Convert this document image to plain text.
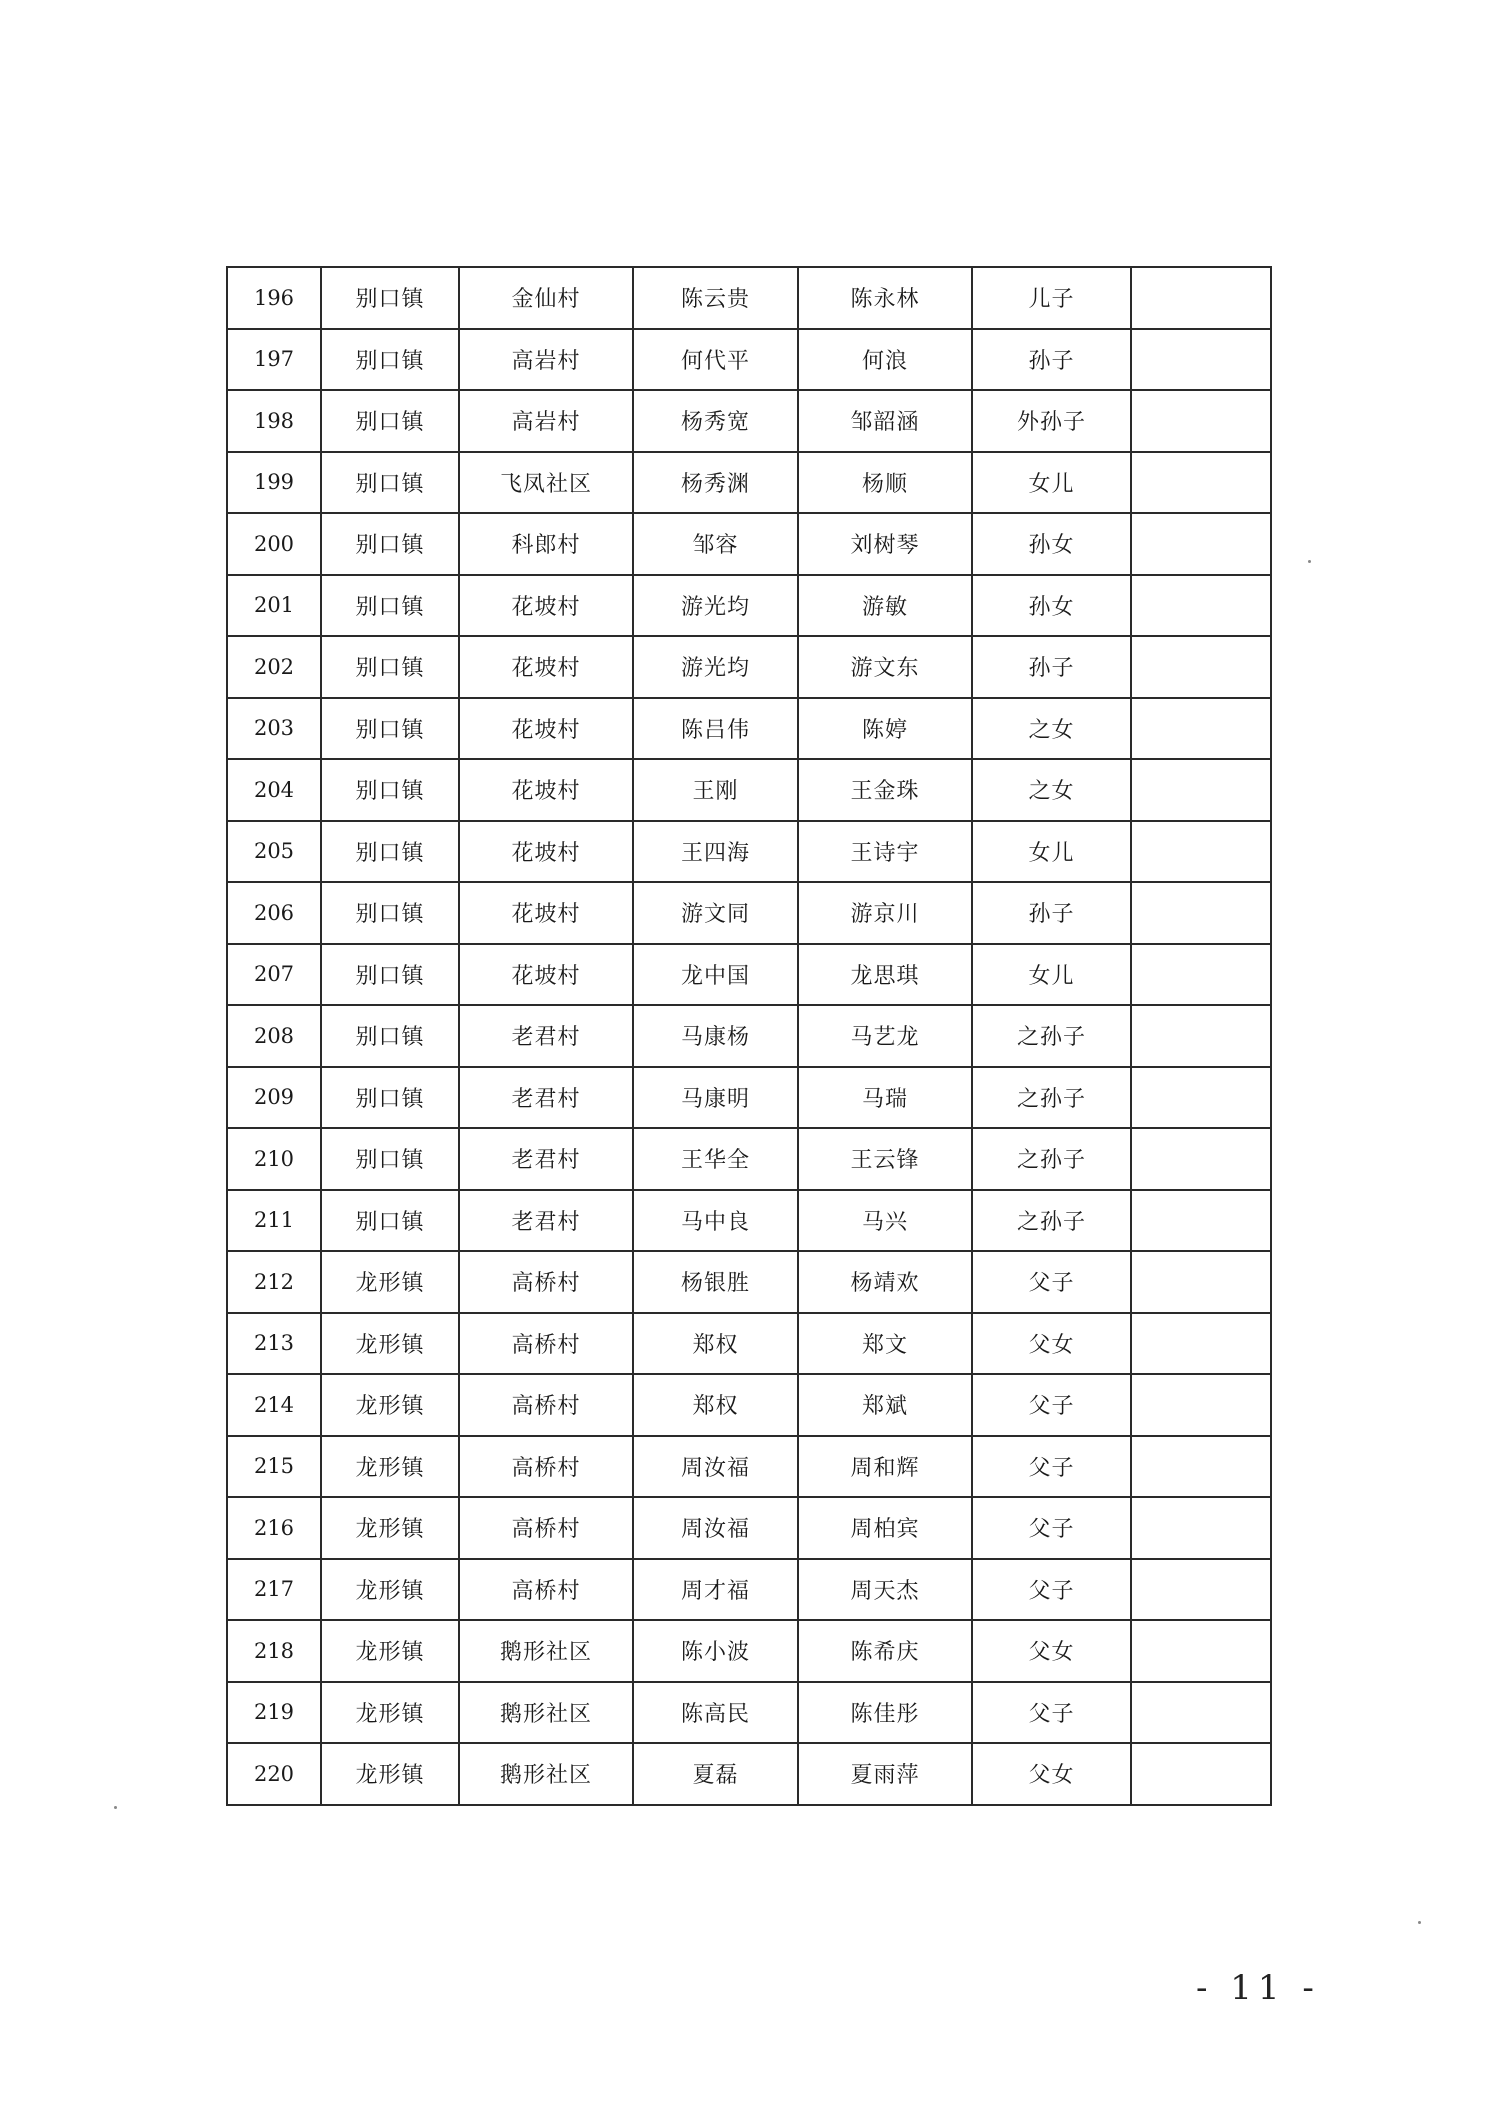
196	别口镇	金仙村	陈云贵	陈永林	儿子	
197	别口镇	高岩村	何代平	何浪	孙子	
198	别口镇	高岩村	杨秀宽	邹韶涵	外孙子	
199	别口镇	飞凤社区	杨秀渊	杨顺	女儿	
200	别口镇	科郎村	邹容	刘树琴	孙女	
201	别口镇	花坡村	游光均	游敏	孙女	
202	别口镇	花坡村	游光均	游文东	孙子	
203	别口镇	花坡村	陈吕伟	陈婷	之女	
204	别口镇	花坡村	王刚	王金珠	之女	
205	别口镇	花坡村	王四海	王诗宇	女儿	
206	别口镇	花坡村	游文同	游京川	孙子	
207	别口镇	花坡村	龙中国	龙思琪	女儿	
208	别口镇	老君村	马康杨	马艺龙	之孙子	
209	别口镇	老君村	马康明	马瑞	之孙子	
210	别口镇	老君村	王华全	王云锋	之孙子	
211	别口镇	老君村	马中良	马兴	之孙子	
212	龙形镇	高桥村	杨银胜	杨靖欢	父子	
213	龙形镇	高桥村	郑权	郑文	父女	
214	龙形镇	高桥村	郑权	郑斌	父子	
215	龙形镇	高桥村	周汝福	周和辉	父子	
216	龙形镇	高桥村	周汝福	周柏宾	父子	
217	龙形镇	高桥村	周才福	周天杰	父子	
218	龙形镇	鹅形社区	陈小波	陈希庆	父女	
219	龙形镇	鹅形社区	陈高民	陈佳彤	父子	
220	龙形镇	鹅形社区	夏磊	夏雨萍	父女	
- 11 -
